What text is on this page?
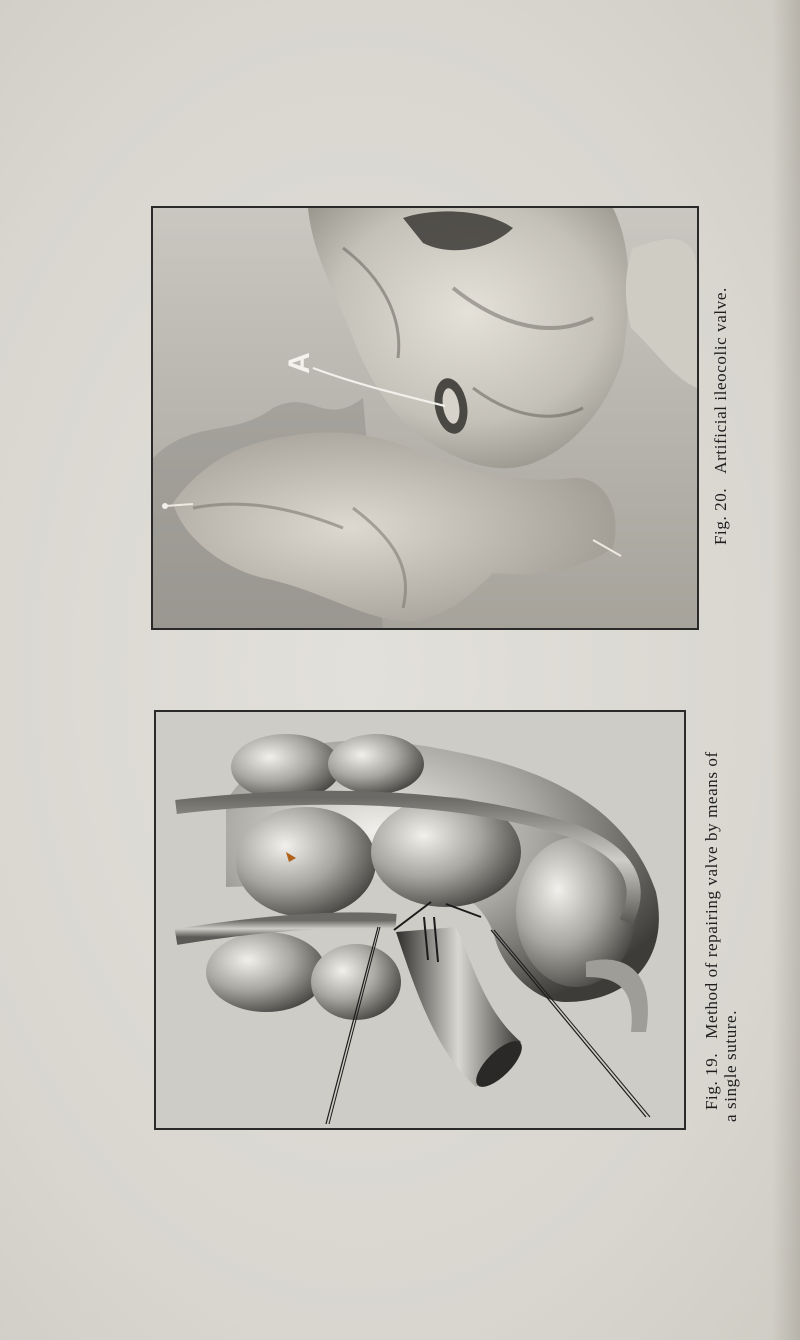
A
Fig. 20.Artificial ileocolic valve.
Fig. 19.Method of repairing valve by means of
a single suture.
